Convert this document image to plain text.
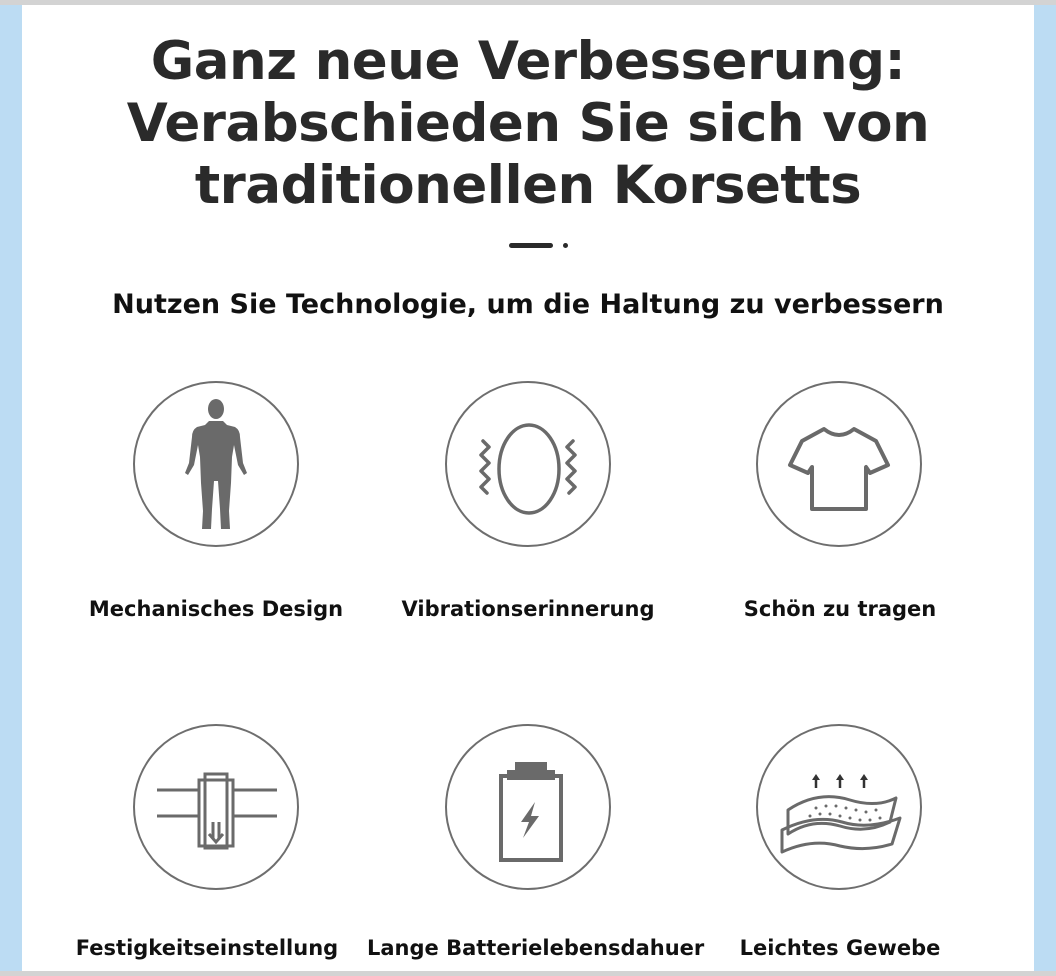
Ganz neue Verbesserung:
Verabschieden Sie sich von
traditionellen Korsetts
Nutzen Sie Technologie, um die Haltung zu verbessern
Mechanisches Design	Vibrationserinnerung	Schön zu tragen
Festigkeitseinstellung	Lange Batterielebensdahuer	Leichtes Gewebe
